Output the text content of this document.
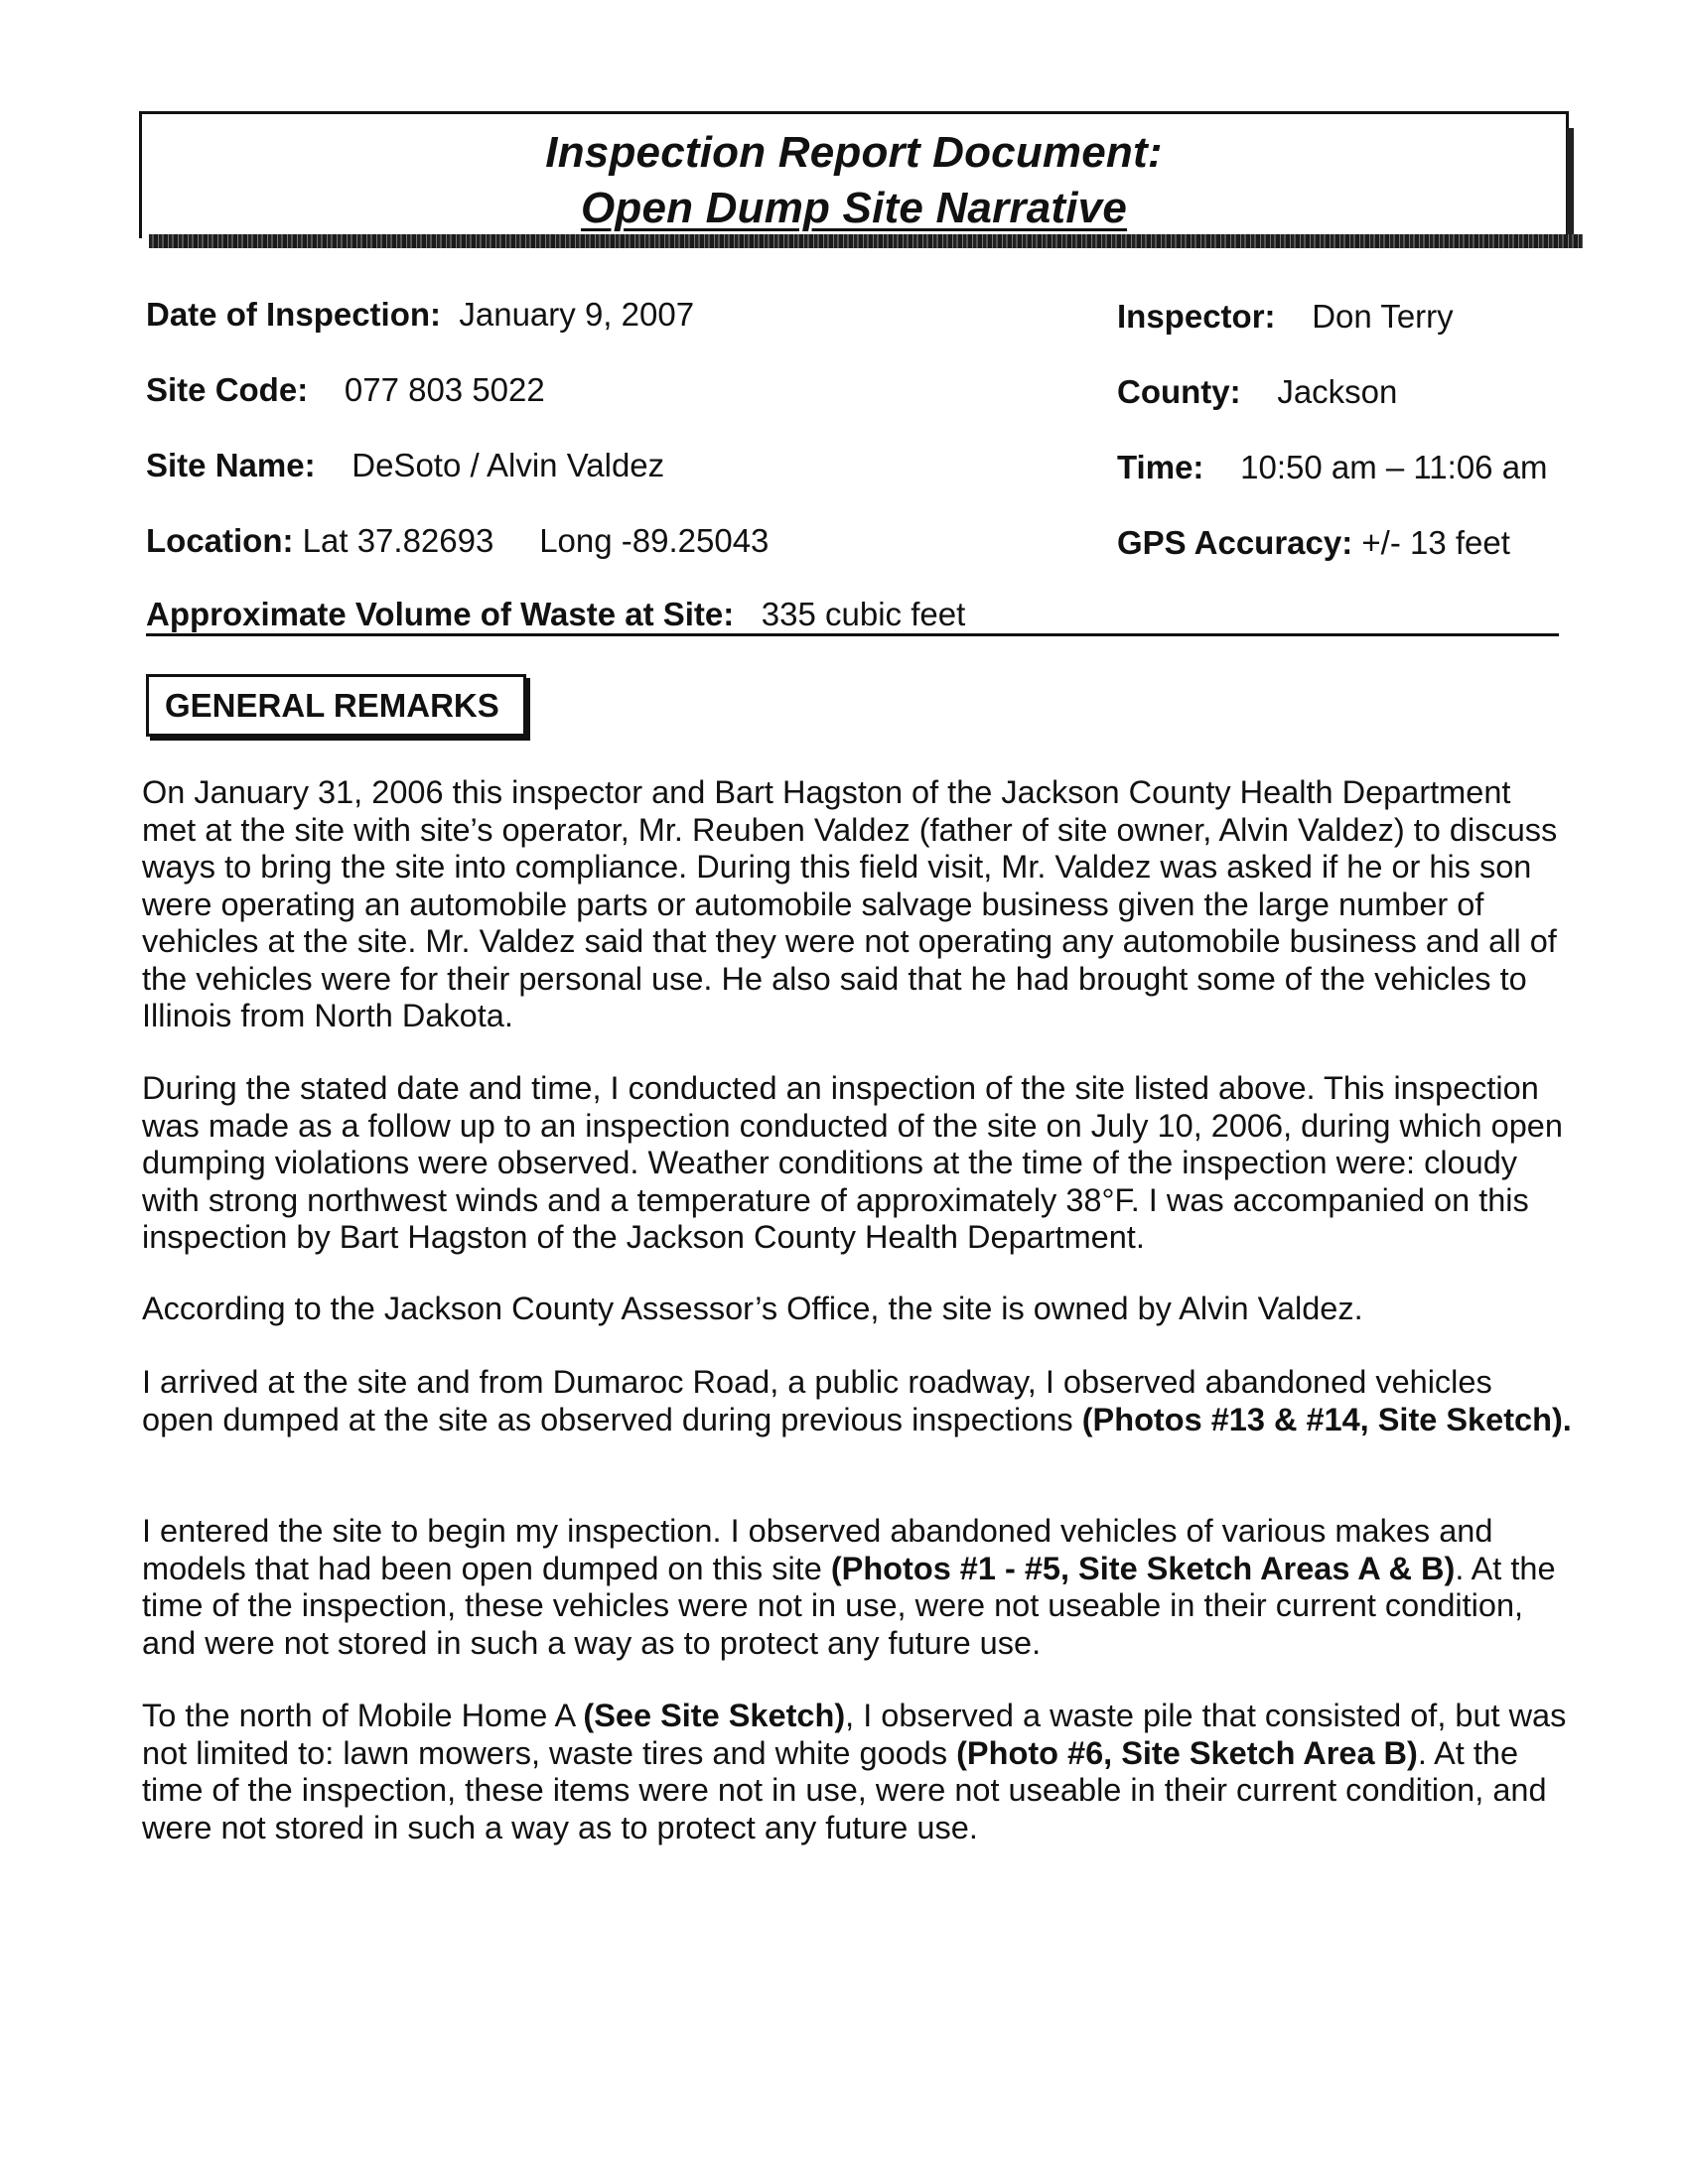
Inspection Report Document:
Open Dump Site Narrative
Date of Inspection: January 9, 2007	Inspector: Don Terry
Site Code: 077 803 5022	County: Jackson
Site Name: DeSoto / Alvin Valdez	Time: 10:50 am – 11:06 am
Location: Lat 37.82693 Long -89.25043	GPS Accuracy: +/- 13 feet
Approximate Volume of Waste at Site: 335 cubic feet
GENERAL REMARKS
On January 31, 2006 this inspector and Bart Hagston of the Jackson County Health Department met at the site with site’s operator, Mr. Reuben Valdez (father of site owner, Alvin Valdez) to discuss ways to bring the site into compliance. During this field visit, Mr. Valdez was asked if he or his son were operating an automobile parts or automobile salvage business given the large number of vehicles at the site. Mr. Valdez said that they were not operating any automobile business and all of the vehicles were for their personal use. He also said that he had brought some of the vehicles to Illinois from North Dakota.
During the stated date and time, I conducted an inspection of the site listed above. This inspection was made as a follow up to an inspection conducted of the site on July 10, 2006, during which open dumping violations were observed. Weather conditions at the time of the inspection were: cloudy with strong northwest winds and a temperature of approximately 38°F. I was accompanied on this inspection by Bart Hagston of the Jackson County Health Department.
According to the Jackson County Assessor’s Office, the site is owned by Alvin Valdez.
I arrived at the site and from Dumaroc Road, a public roadway, I observed abandoned vehicles open dumped at the site as observed during previous inspections (Photos #13 & #14, Site Sketch).
I entered the site to begin my inspection. I observed abandoned vehicles of various makes and models that had been open dumped on this site (Photos #1 - #5, Site Sketch Areas A & B). At the time of the inspection, these vehicles were not in use, were not useable in their current condition, and were not stored in such a way as to protect any future use.
To the north of Mobile Home A (See Site Sketch), I observed a waste pile that consisted of, but was not limited to: lawn mowers, waste tires and white goods (Photo #6, Site Sketch Area B). At the time of the inspection, these items were not in use, were not useable in their current condition, and were not stored in such a way as to protect any future use.
